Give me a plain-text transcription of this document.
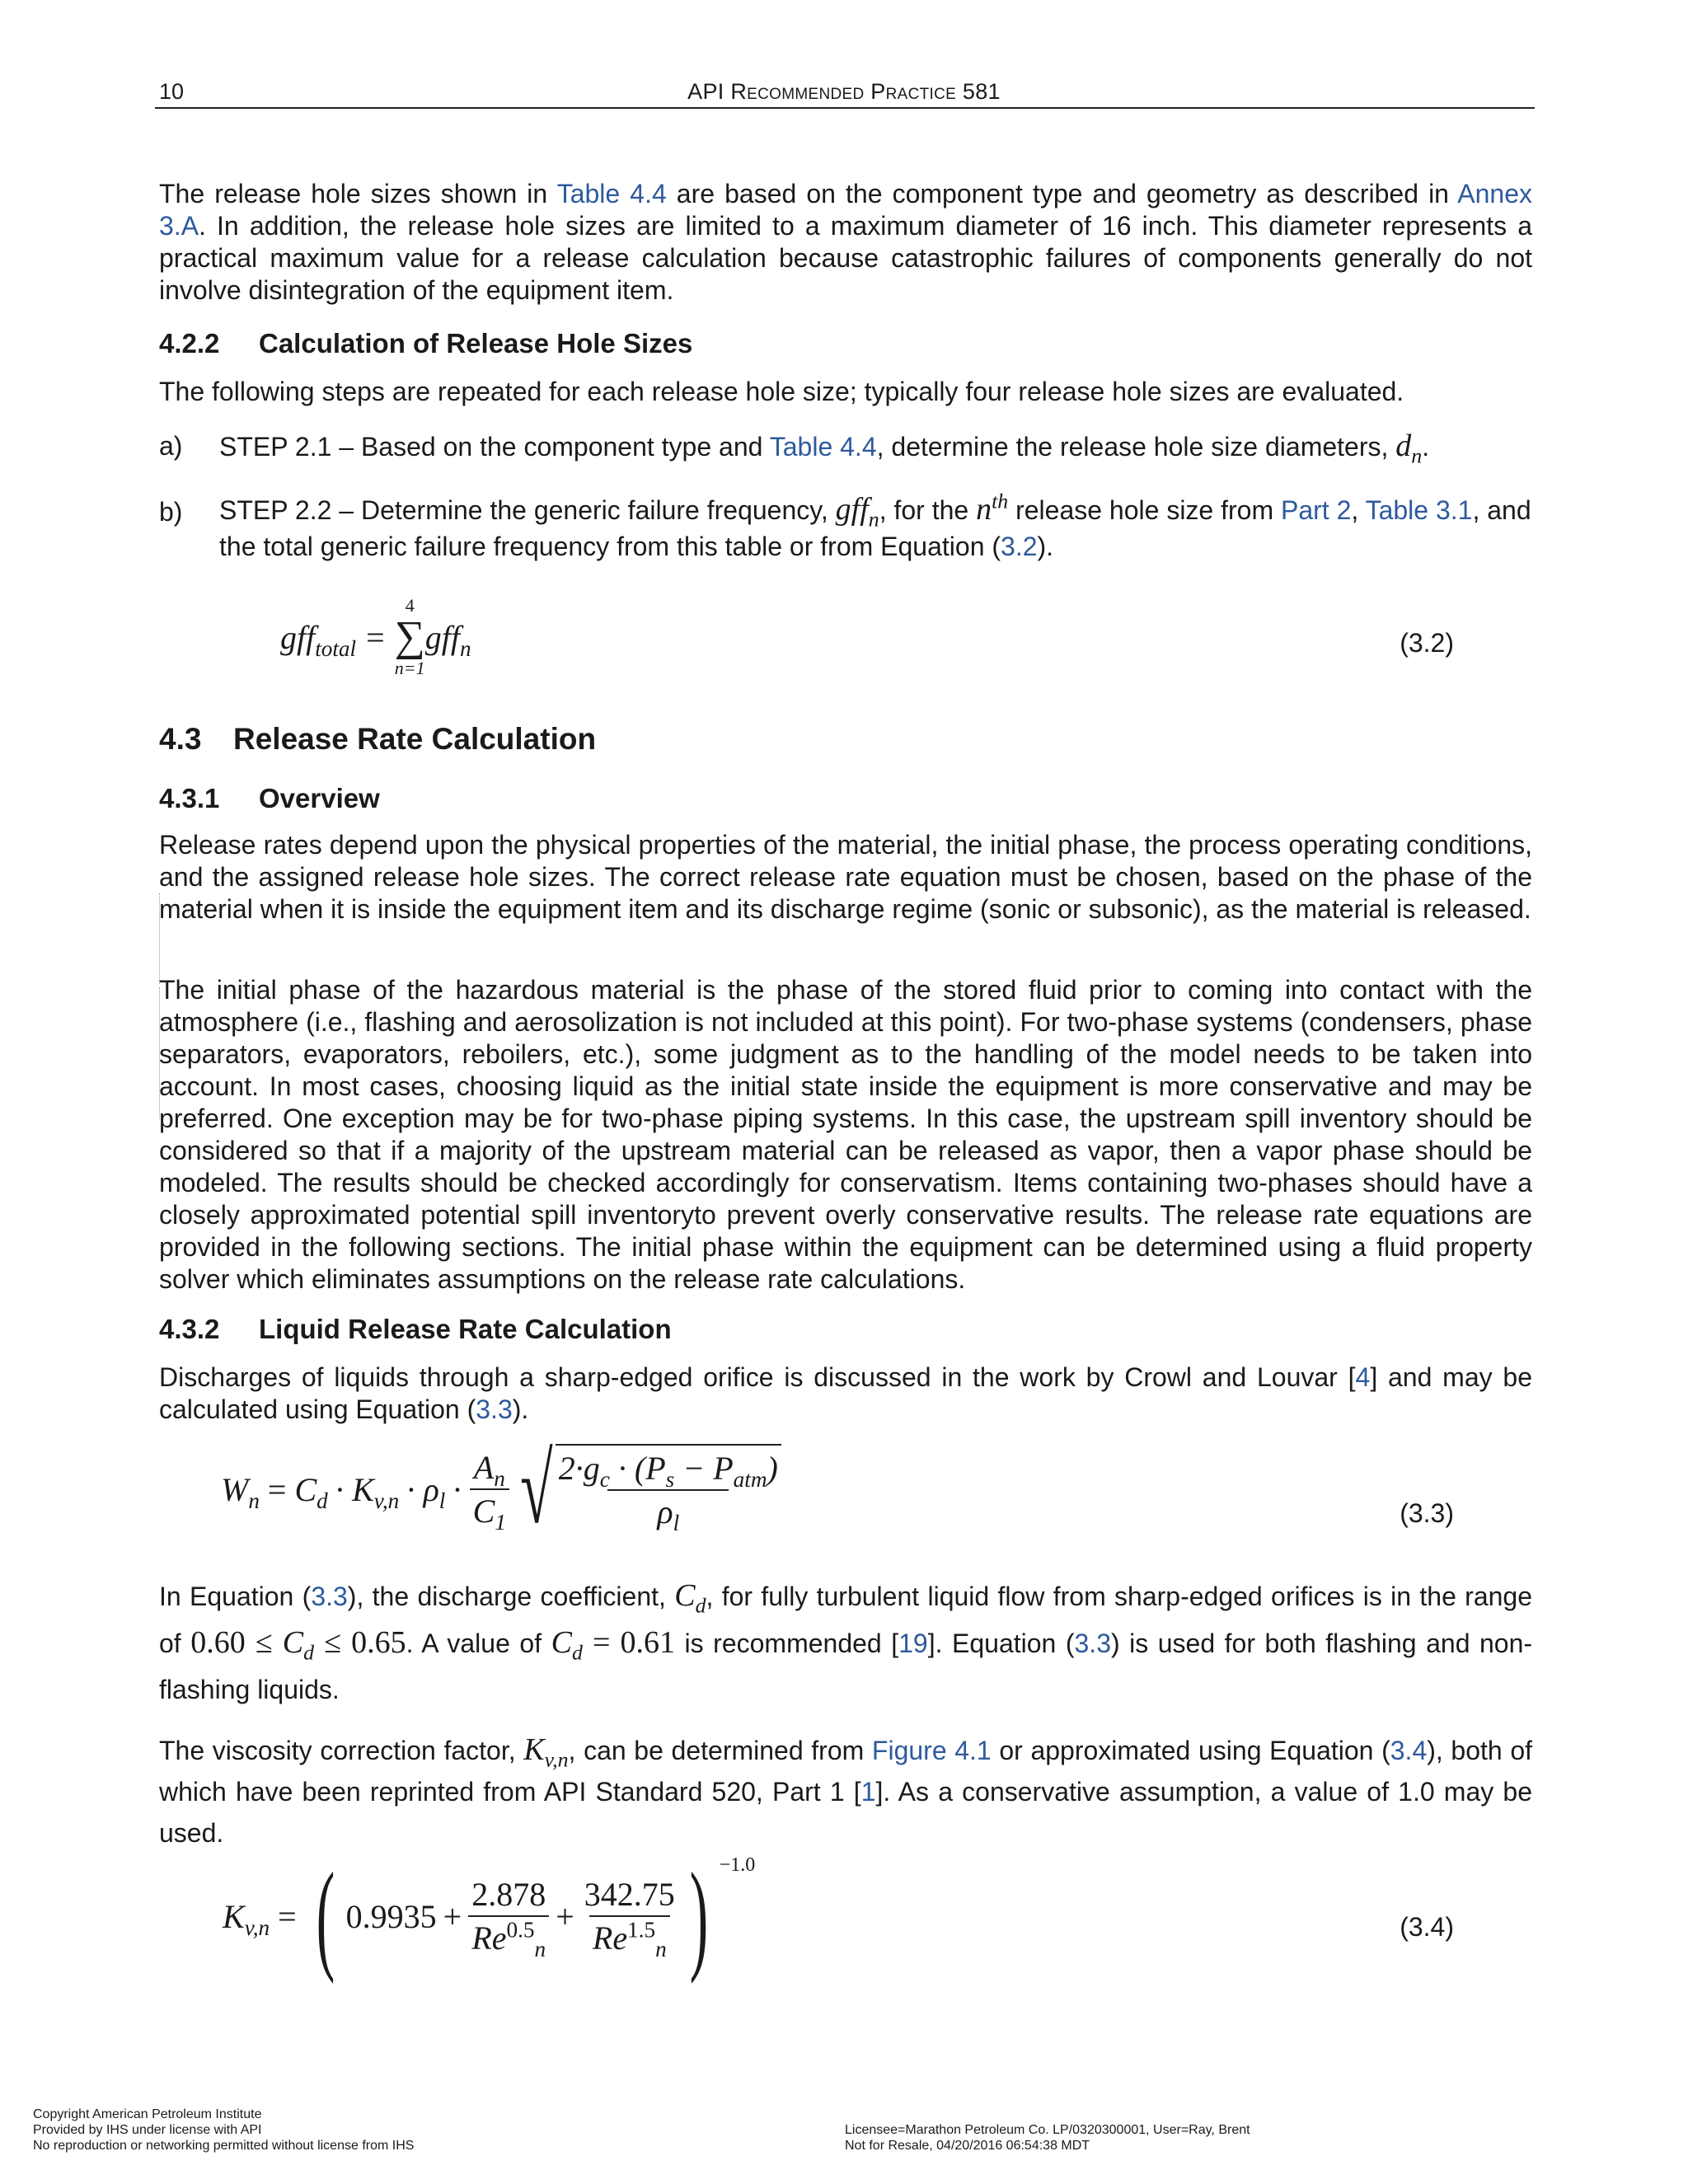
10	API Recommended Practice 581
The release hole sizes shown in Table 4.4 are based on the component type and geometry as described in Annex 3.A. In addition, the release hole sizes are limited to a maximum diameter of 16 inch. This diameter represents a practical maximum value for a release calculation because catastrophic failures of components generally do not involve disintegration of the equipment item.
4.2.2 Calculation of Release Hole Sizes
The following steps are repeated for each release hole size; typically four release hole sizes are evaluated.
a) STEP 2.1 – Based on the component type and Table 4.4, determine the release hole size diameters, $d_n$.
b) STEP 2.2 – Determine the generic failure frequency, gff$_n$, for the $n^{th}$ release hole size from Part 2, Table 3.1, and the total generic failure frequency from this table or from Equation (3.2).
gff$_{total}$ =
4
∑
n=1
gff$_n$	(3.2)
4.3 Release Rate Calculation
4.3.1 Overview
Release rates depend upon the physical properties of the material, the initial phase, the process operating conditions, and the assigned release hole sizes. The correct release rate equation must be chosen, based on the phase of the material when it is inside the equipment item and its discharge regime (sonic or subsonic), as the material is released.
The initial phase of the hazardous material is the phase of the stored fluid prior to coming into contact with the atmosphere (i.e., flashing and aerosolization is not included at this point). For two-phase systems (condensers, phase separators, evaporators, reboilers, etc.), some judgment as to the handling of the model needs to be taken into account. In most cases, choosing liquid as the initial state inside the equipment is more conservative and may be preferred. One exception may be for two-phase piping systems. In this case, the upstream spill inventory should be considered so that if a majority of the upstream material can be released as vapor, then a vapor phase should be modeled. The results should be checked accordingly for conservatism. Items containing two-phases should have a closely approximated potential spill inventoryto prevent overly conservative results. The release rate equations are provided in the following sections. The initial phase within the equipment can be determined using a fluid property solver which eliminates assumptions on the release rate calculations.
4.3.2 Liquid Release Rate Calculation
Discharges of liquids through a sharp-edged orifice is discussed in the work by Crowl and Louvar [4] and may be calculated using Equation (3.3).
$W_n = C_d \cdot K_{v,n} \cdot \rho_l \cdot \frac{A_n}{C_1}$ √ $\frac{2\cdot g_c \cdot (P_s - P_{atm})}{\rho_l}$	(3.3)
In Equation (3.3), the discharge coefficient, $C_d$, for fully turbulent liquid flow from sharp-edged orifices is in the range of $0.60 \le C_d \le 0.65$. A value of $C_d = 0.61$ is recommended [19]. Equation (3.3) is used for both flashing and non-flashing liquids.
The viscosity correction factor, $K_{v,n}$, can be determined from Figure 4.1 or approximated using Equation (3.4), both of which have been reprinted from API Standard 520, Part 1 [1]. As a conservative assumption, a value of 1.0 may be used.
$K_{v,n}$ = ( $0.9935 + \frac{2.878}{Re^{0.5}_n} + \frac{342.75}{Re^{1.5}_n}$ ) −1.0
(3.4)
Copyright American Petroleum Institute
Provided by IHS under license with API
No reproduction or networking permitted without license from IHS
Licensee=Marathon Petroleum Co. LP/0320300001, User=Ray, Brent
Not for Resale, 04/20/2016 06:54:38 MDT
